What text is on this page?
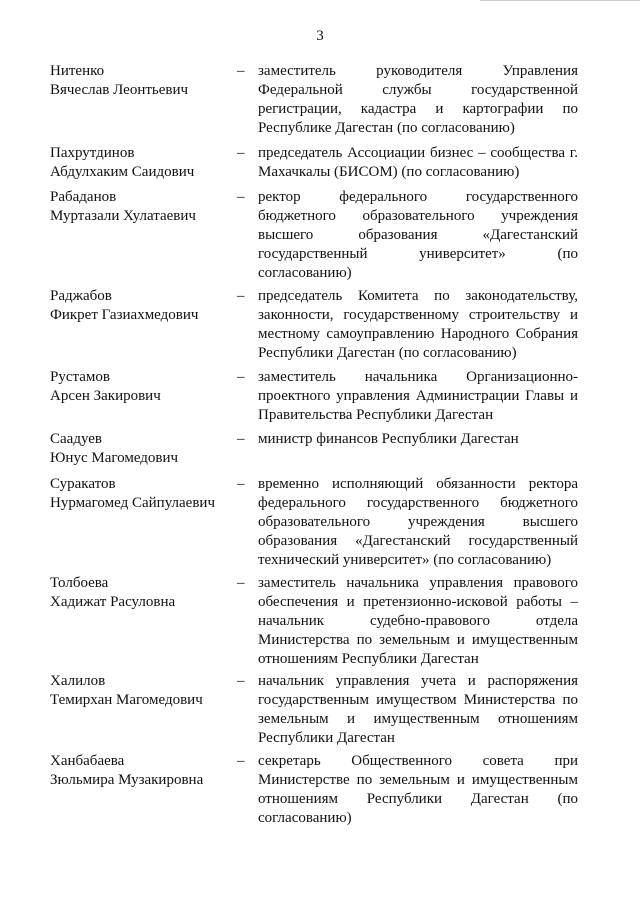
3
Нитенко
Вячеслав Леонтьевич
– заместитель руководителя Управления Федеральной службы государственной регистрации, кадастра и картографии по Республике Дагестан (по согласованию)
Пахрутдинов
Абдулхаким Саидович
– председатель Ассоциации бизнес – сообщества г. Махачкалы (БИСОМ) (по согласованию)
Рабаданов
Муртазали Хулатаевич
– ректор федерального государственного бюджетного образовательного учреждения высшего образования «Дагестанский государственный университет» (по согласованию)
Раджабов
Фикрет Газиахмедович
– председатель Комитета по законодательству, законности, государственному строительству и местному самоуправлению Народного Собрания Республики Дагестан (по согласованию)
Рустамов
Арсен Закирович
– заместитель начальника Организационно-проектного управления Администрации Главы и Правительства Республики Дагестан
Саадуев
Юнус Магомедович
– министр финансов Республики Дагестан
Суракатов
Нурмагомед Сайпулаевич
– временно исполняющий обязанности ректора федерального государственного бюджетного образовательного учреждения высшего образования «Дагестанский государственный технический университет» (по согласованию)
Толбоева
Хадижат Расуловна
– заместитель начальника управления правового обеспечения и претензионно-исковой работы – начальник судебно-правового отдела Министерства по земельным и имущественным отношениям Республики Дагестан
Халилов
Темирхан Магомедович
– начальник управления учета и распоряжения государственным имуществом Министерства по земельным и имущественным отношениям Республики Дагестан
Ханбабаева
Зюльмира Музакировна
– секретарь Общественного совета при Министерстве по земельным и имущественным отношениям Республики Дагестан (по согласованию)
